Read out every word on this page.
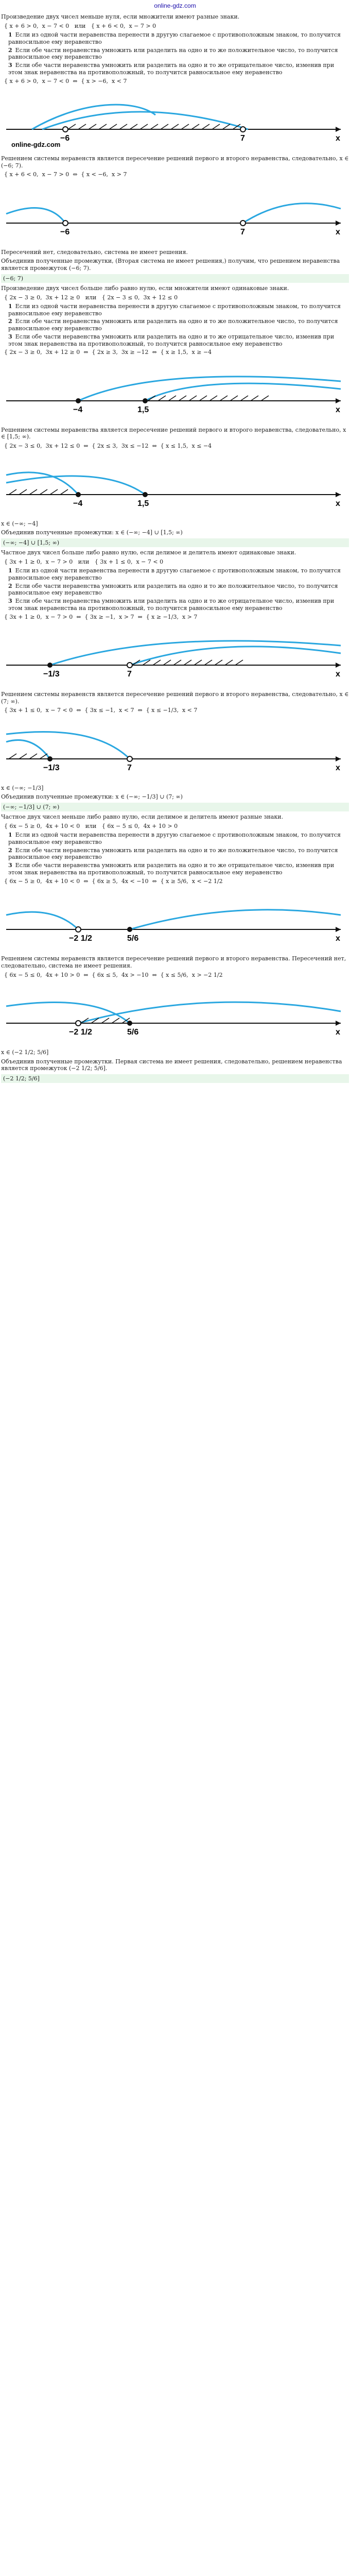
online-gdz.com
Произведение двух чисел меньше нуля, если множители имеют разные знаки.
{ x + 6 > 0,  x − 7 < 0   или   { x + 6 < 0,  x − 7 > 0
1 Если из одной части неравенства перенести в другую слагаемое с противоположным знаком, то получится равносильное ему неравенство
2 Если обе части неравенства умножить или разделить на одно и то же положительное число, то получится равносильное ему неравенство
3 Если обе части неравенства умножить или разделить на одно и то же отрицательное число, изменив при этом знак неравенства на противоположный, то получится равносильное ему неравенство
{ x + 6 > 0,  x − 7 < 0  ⇔  { x > −6,  x < 7
−6	7	x
online-gdz.com
Решением системы неравенств является пересечение решений первого и второго неравенства, следовательно, x ∈ (−6; 7).
{ x + 6 < 0,  x − 7 > 0  ⇔  { x < −6,  x > 7
−6	7	x
Пересечений нет, следовательно, система не имеет решения.
Объединив полученные промежутки, (Вторая система не имеет решения,) получим, что решением неравенства является промежуток (−6; 7).
(−6; 7)
Произведение двух чисел больше либо равно нулю, если множители имеют одинаковые знаки.
{ 2x − 3 ≥ 0,  3x + 12 ≥ 0   или   { 2x − 3 ≤ 0,  3x + 12 ≤ 0
1 Если из одной части неравенства перенести в другую слагаемое с противоположным знаком, то получится равносильное ему неравенство
2 Если обе части неравенства умножить или разделить на одно и то же положительное число, то получится равносильное ему неравенство
3 Если обе части неравенства умножить или разделить на одно и то же отрицательное число, изменив при этом знак неравенства на противоположный, то получится равносильное ему неравенство
{ 2x − 3 ≥ 0,  3x + 12 ≥ 0  ⇔  { 2x ≥ 3,  3x ≥ −12  ⇔  { x ≥ 1,5,  x ≥ −4
−4	1,5	x
Решением системы неравенства является пересечение решений первого и второго неравенства, следовательно, x ∈ [1,5; ∞).
{ 2x − 3 ≤ 0,  3x + 12 ≤ 0  ⇔  { 2x ≤ 3,  3x ≤ −12  ⇔  { x ≤ 1,5,  x ≤ −4
−4	1,5	x
x ∈ (−∞; −4]
Объединив полученные промежутки: x ∈ (−∞; −4] ∪ [1,5; ∞)
(−∞; −4] ∪ [1,5; ∞)
Частное двух чисел больше либо равно нулю, если делимое и делитель имеют одинаковые знаки.
{ 3x + 1 ≥ 0,  x − 7 > 0   или   { 3x + 1 ≤ 0,  x − 7 < 0
1 Если из одной части неравенства перенести в другую слагаемое с противоположным знаком, то получится равносильное ему неравенство
2 Если обе части неравенства умножить или разделить на одно и то же положительное число, то получится равносильное ему неравенство
3 Если обе части неравенства умножить или разделить на одно и то же отрицательное число, изменив при этом знак неравенства на противоположный, то получится равносильное ему неравенство
{ 3x + 1 ≥ 0,  x − 7 > 0  ⇔  { 3x ≥ −1,  x > 7  ⇔  { x ≥ −1/3,  x > 7
−1/3	7	x
Решением системы неравенств является пересечение решений первого и второго неравенства, следовательно, x ∈ (7; ∞).
{ 3x + 1 ≤ 0,  x − 7 < 0  ⇔  { 3x ≤ −1,  x < 7  ⇔  { x ≤ −1/3,  x < 7
−1/3	7	x
x ∈ (−∞; −1/3]
Объединив полученные промежутки: x ∈ (−∞; −1/3] ∪ (7; ∞)
(−∞; −1/3] ∪ (7; ∞)
Частное двух чисел меньше либо равно нулю, если делимое и делитель имеют разные знаки.
{ 6x − 5 ≥ 0,  4x + 10 < 0   или   { 6x − 5 ≤ 0,  4x + 10 > 0
1 Если из одной части неравенства перенести в другую слагаемое с противоположным знаком, то получится равносильное ему неравенство
2 Если обе части неравенства умножить или разделить на одно и то же положительное число, то получится равносильное ему неравенство
3 Если обе части неравенства умножить или разделить на одно и то же отрицательное число, изменив при этом знак неравенства на противоположный, то получится равносильное ему неравенство
{ 6x − 5 ≥ 0,  4x + 10 < 0  ⇔  { 6x ≥ 5,  4x < −10  ⇔  { x ≥ 5/6,  x < −2 1/2
−2 1/2	5/6	x
Решением системы неравенств является пересечение решений первого и второго неравенства. Пересечений нет, следовательно, система не имеет решения.
{ 6x − 5 ≤ 0,  4x + 10 > 0  ⇔  { 6x ≤ 5,  4x > −10  ⇔  { x ≤ 5/6,  x > −2 1/2
−2 1/2	5/6	x
x ∈ (−2 1/2; 5/6]
Объединив полученные промежутки. Первая система не имеет решения, следовательно, решением неравенства является промежуток (−2 1/2; 5/6].
(−2 1/2; 5/6]
